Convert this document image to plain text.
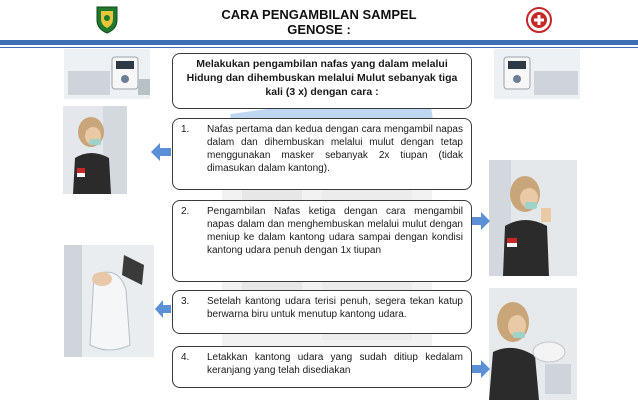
CARA PENGAMBILAN SAMPEL
GENOSE :
Melakukan pengambilan nafas yang dalam melalui Hidung dan dihembuskan melalui Mulut sebanyak tiga kali (3 x) dengan cara :
1.	Nafas pertama dan kedua dengan cara mengambil napas dalam dan dihembuskan melalui mulut dengan tetap menggunakan masker sebanyak 2x tiupan (tidak dimasukan dalam kantong).
2.	Pengambilan Nafas ketiga dengan cara mengambil napas dalam dan menghembuskan melalui mulut dengan meniup ke dalam kantong udara sampai dengan kondisi kantong udara penuh dengan 1x tiupan
3.	Setelah kantong udara terisi penuh, segera tekan katup berwarna biru untuk menutup kantong udara.
4.	Letakkan kantong udara yang sudah ditiup kedalam keranjang yang telah disediakan
